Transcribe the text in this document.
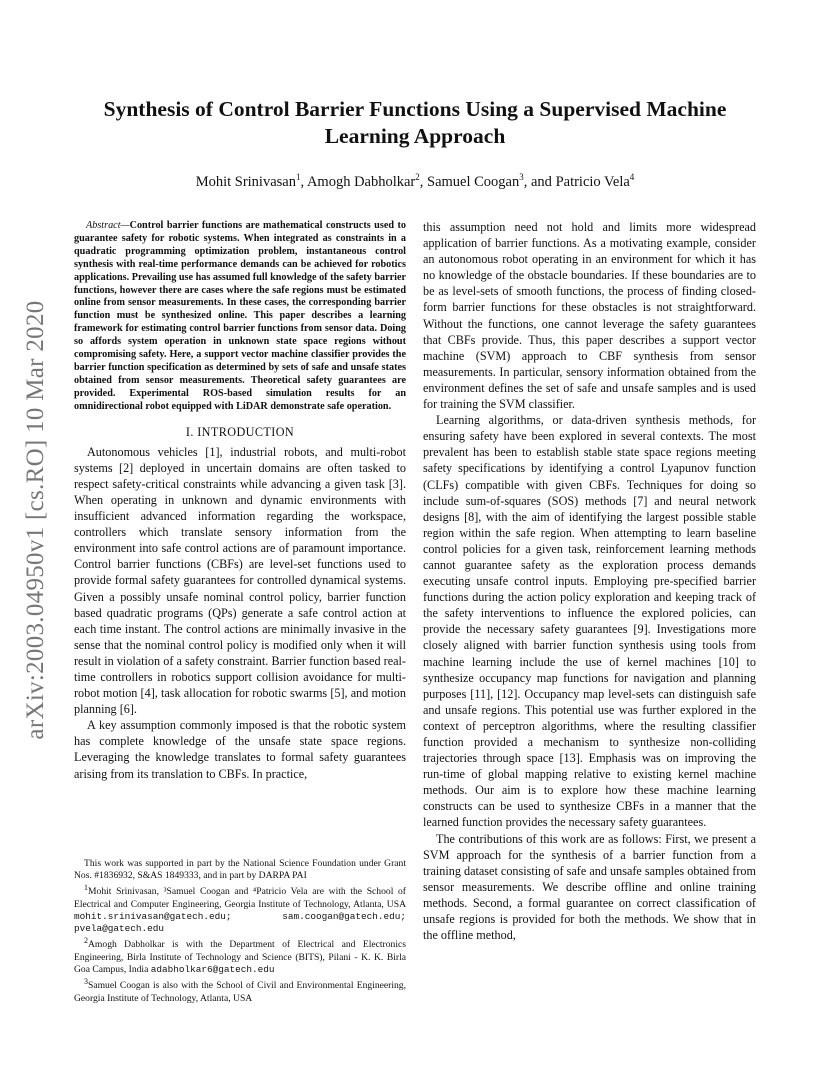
arXiv:2003.04950v1 [cs.RO] 10 Mar 2020
Synthesis of Control Barrier Functions Using a Supervised Machine
Learning Approach
Mohit Srinivasan$^1$, Amogh Dabholkar$^2$, Samuel Coogan$^3$, and Patricio Vela$^4$

Abstract—Control barrier functions are mathematical constructs used to guarantee safety for robotic systems. When integrated as constraints in a quadratic programming optimization problem, instantaneous control synthesis with real-time performance demands can be achieved for robotics applications. Prevailing use has assumed full knowledge of the safety barrier functions, however there are cases where the safe regions must be estimated online from sensor measurements. In these cases, the corresponding barrier function must be synthesized online. This paper describes a learning framework for estimating control barrier functions from sensor data. Doing so affords system operation in unknown state space regions without compromising safety. Here, a support vector machine classifier provides the barrier function specification as determined by sets of safe and unsafe states obtained from sensor measurements. Theoretical safety guarantees are provided. Experimental ROS-based simulation results for an omnidirectional robot equipped with LiDAR demonstrate safe operation.

I. INTRODUCTION

Autonomous vehicles [1], industrial robots, and multi-robot systems [2] deployed in uncertain domains are often tasked to respect safety-critical constraints while advancing a given task [3]. When operating in unknown and dynamic environments with insufficient advanced information regarding the workspace, controllers which translate sensory information from the environment into safe control actions are of paramount importance. Control barrier functions (CBFs) are level-set functions used to provide formal safety guarantees for controlled dynamical systems. Given a possibly unsafe nominal control policy, barrier function based quadratic programs (QPs) generate a safe control action at each time instant. The control actions are minimally invasive in the sense that the nominal control policy is modified only when it will result in violation of a safety constraint. Barrier function based real-time controllers in robotics support collision avoidance for multi-robot motion [4], task allocation for robotic swarms [5], and motion planning [6].

A key assumption commonly imposed is that the robotic system has complete knowledge of the unsafe state space regions. Leveraging the knowledge translates to formal safety guarantees arising from its translation to CBFs. In practice,

This work was supported in part by the National Science Foundation under Grant Nos. #1836932, S&AS 1849333, and in part by DARPA PAI

$^1$Mohit Srinivasan, ³Samuel Coogan and ⁴Patricio Vela are with the School of Electrical and Computer Engineering, Georgia Institute of Technology, Atlanta, USA mohit.srinivasan@gatech.edu; sam.coogan@gatech.edu; pvela@gatech.edu

$^2$Amogh Dabholkar is with the Department of Electrical and Electronics Engineering, Birla Institute of Technology and Science (BITS), Pilani - K. K. Birla Goa Campus, India adabholkar6@gatech.edu

$^3$Samuel Coogan is also with the School of Civil and Environmental Engineering, Georgia Institute of Technology, Atlanta, USA

this assumption need not hold and limits more widespread application of barrier functions. As a motivating example, consider an autonomous robot operating in an environment for which it has no knowledge of the obstacle boundaries. If these boundaries are to be as level-sets of smooth functions, the process of finding closed-form barrier functions for these obstacles is not straightforward. Without the functions, one cannot leverage the safety guarantees that CBFs provide. Thus, this paper describes a support vector machine (SVM) approach to CBF synthesis from sensor measurements. In particular, sensory information obtained from the environment defines the set of safe and unsafe samples and is used for training the SVM classifier.

Learning algorithms, or data-driven synthesis methods, for ensuring safety have been explored in several contexts. The most prevalent has been to establish stable state space regions meeting safety specifications by identifying a control Lyapunov function (CLFs) compatible with given CBFs. Techniques for doing so include sum-of-squares (SOS) methods [7] and neural network designs [8], with the aim of identifying the largest possible stable region within the safe region. When attempting to learn baseline control policies for a given task, reinforcement learning methods cannot guarantee safety as the exploration process demands executing unsafe control inputs. Employing pre-specified barrier functions during the action policy exploration and keeping track of the safety interventions to influence the explored policies, can provide the necessary safety guarantees [9]. Investigations more closely aligned with barrier function synthesis using tools from machine learning include the use of kernel machines [10] to synthesize occupancy map functions for navigation and planning purposes [11], [12]. Occupancy map level-sets can distinguish safe and unsafe regions. This potential use was further explored in the context of perceptron algorithms, where the resulting classifier function provided a mechanism to synthesize non-colliding trajectories through space [13]. Emphasis was on improving the run-time of global mapping relative to existing kernel machine methods. Our aim is to explore how these machine learning constructs can be used to synthesize CBFs in a manner that the learned function provides the necessary safety guarantees.

The contributions of this work are as follows: First, we present a SVM approach for the synthesis of a barrier function from a training dataset consisting of safe and unsafe samples obtained from sensor measurements. We describe offline and online training methods. Second, a formal guarantee on correct classification of unsafe regions is provided for both the methods. We show that in the offline method,
